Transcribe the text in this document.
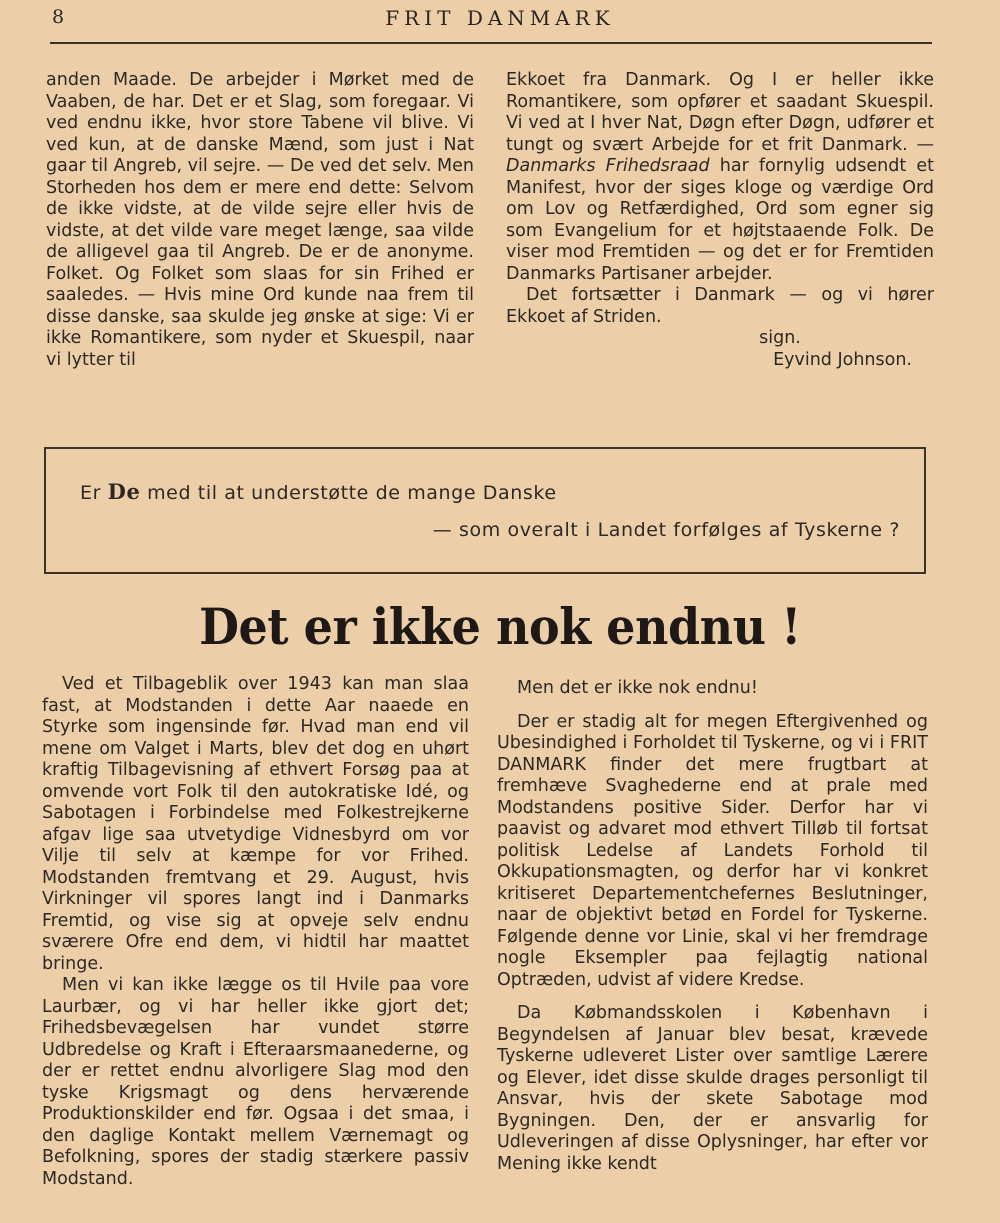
8	FRIT DANMARK

anden Maade. De arbejder i Mørket med de Vaaben, de har. Det er et Slag, som foregaar. Vi ved endnu ikke, hvor store Tabene vil blive. Vi ved kun, at de danske Mænd, som just i Nat gaar til Angreb, vil sejre. — De ved det selv. Men Storheden hos dem er mere end dette: Selvom de ikke vidste, at de vilde sejre eller hvis de vidste, at det vilde vare meget længe, saa vilde de alligevel gaa til Angreb. De er de anonyme. Folket. Og Folket som slaas for sin Frihed er saaledes. — Hvis mine Ord kunde naa frem til disse danske, saa skulde jeg ønske at sige: Vi er ikke Romantikere, som nyder et Skuespil, naar vi lytter til

Ekkoet fra Danmark. Og I er heller ikke Romantikere, som opfører et saadant Skuespil. Vi ved at I hver Nat, Døgn efter Døgn, udfører et tungt og svært Arbejde for et frit Danmark. — Danmarks Frihedsraad har fornylig udsendt et Manifest, hvor der siges kloge og værdige Ord om Lov og Retfærdighed, Ord som egner sig som Evangelium for et højtstaaende Folk. De viser mod Fremtiden — og det er for Fremtiden Danmarks Partisaner arbejder.

Det fortsætter i Danmark — og vi hører Ekkoet af Striden.

sign.

Eyvind Johnson.

Er De med til at understøtte de mange Danske
— som overalt i Landet forfølges af Tyskerne ?
Det er ikke nok endnu !

Ved et Tilbageblik over 1943 kan man slaa fast, at Modstanden i dette Aar naaede en Styrke som ingensinde før. Hvad man end vil mene om Valget i Marts, blev det dog en uhørt kraftig Tilbagevisning af ethvert Forsøg paa at omvende vort Folk til den autokratiske Idé, og Sabotagen i Forbindelse med Folkestrejkerne afgav lige saa utvetydige Vidnesbyrd om vor Vilje til selv at kæmpe for vor Frihed. Modstanden fremtvang et 29. August, hvis Virkninger vil spores langt ind i Danmarks Fremtid, og vise sig at opveje selv endnu sværere Ofre end dem, vi hidtil har maattet bringe.

Men vi kan ikke lægge os til Hvile paa vore Laurbær, og vi har heller ikke gjort det; Frihedsbevægelsen har vundet større Udbredelse og Kraft i Efteraarsmaanederne, og der er rettet endnu alvorligere Slag mod den tyske Krigsmagt og dens herværende Produktionskilder end før. Ogsaa i det smaa, i den daglige Kontakt mellem Værnemagt og Befolkning, spores der stadig stærkere passiv Modstand.

Men det er ikke nok endnu!

Der er stadig alt for megen Eftergivenhed og Ubesindighed i Forholdet til Tyskerne, og vi i FRIT DANMARK finder det mere frugtbart at fremhæve Svaghederne end at prale med Modstandens positive Sider. Derfor har vi paavist og advaret mod ethvert Tilløb til fortsat politisk Ledelse af Landets Forhold til Okkupationsmagten, og derfor har vi konkret kritiseret Departementchefernes Beslutninger, naar de objektivt betød en Fordel for Tyskerne. Følgende denne vor Linie, skal vi her fremdrage nogle Eksempler paa fejlagtig national Optræden, udvist af videre Kredse.

Da Købmandsskolen i København i Begyndelsen af Januar blev besat, krævede Tyskerne udleveret Lister over samtlige Lærere og Elever, idet disse skulde drages personligt til Ansvar, hvis der skete Sabotage mod Bygningen. Den, der er ansvarlig for Udleveringen af disse Oplysninger, har efter vor Mening ikke kendt
